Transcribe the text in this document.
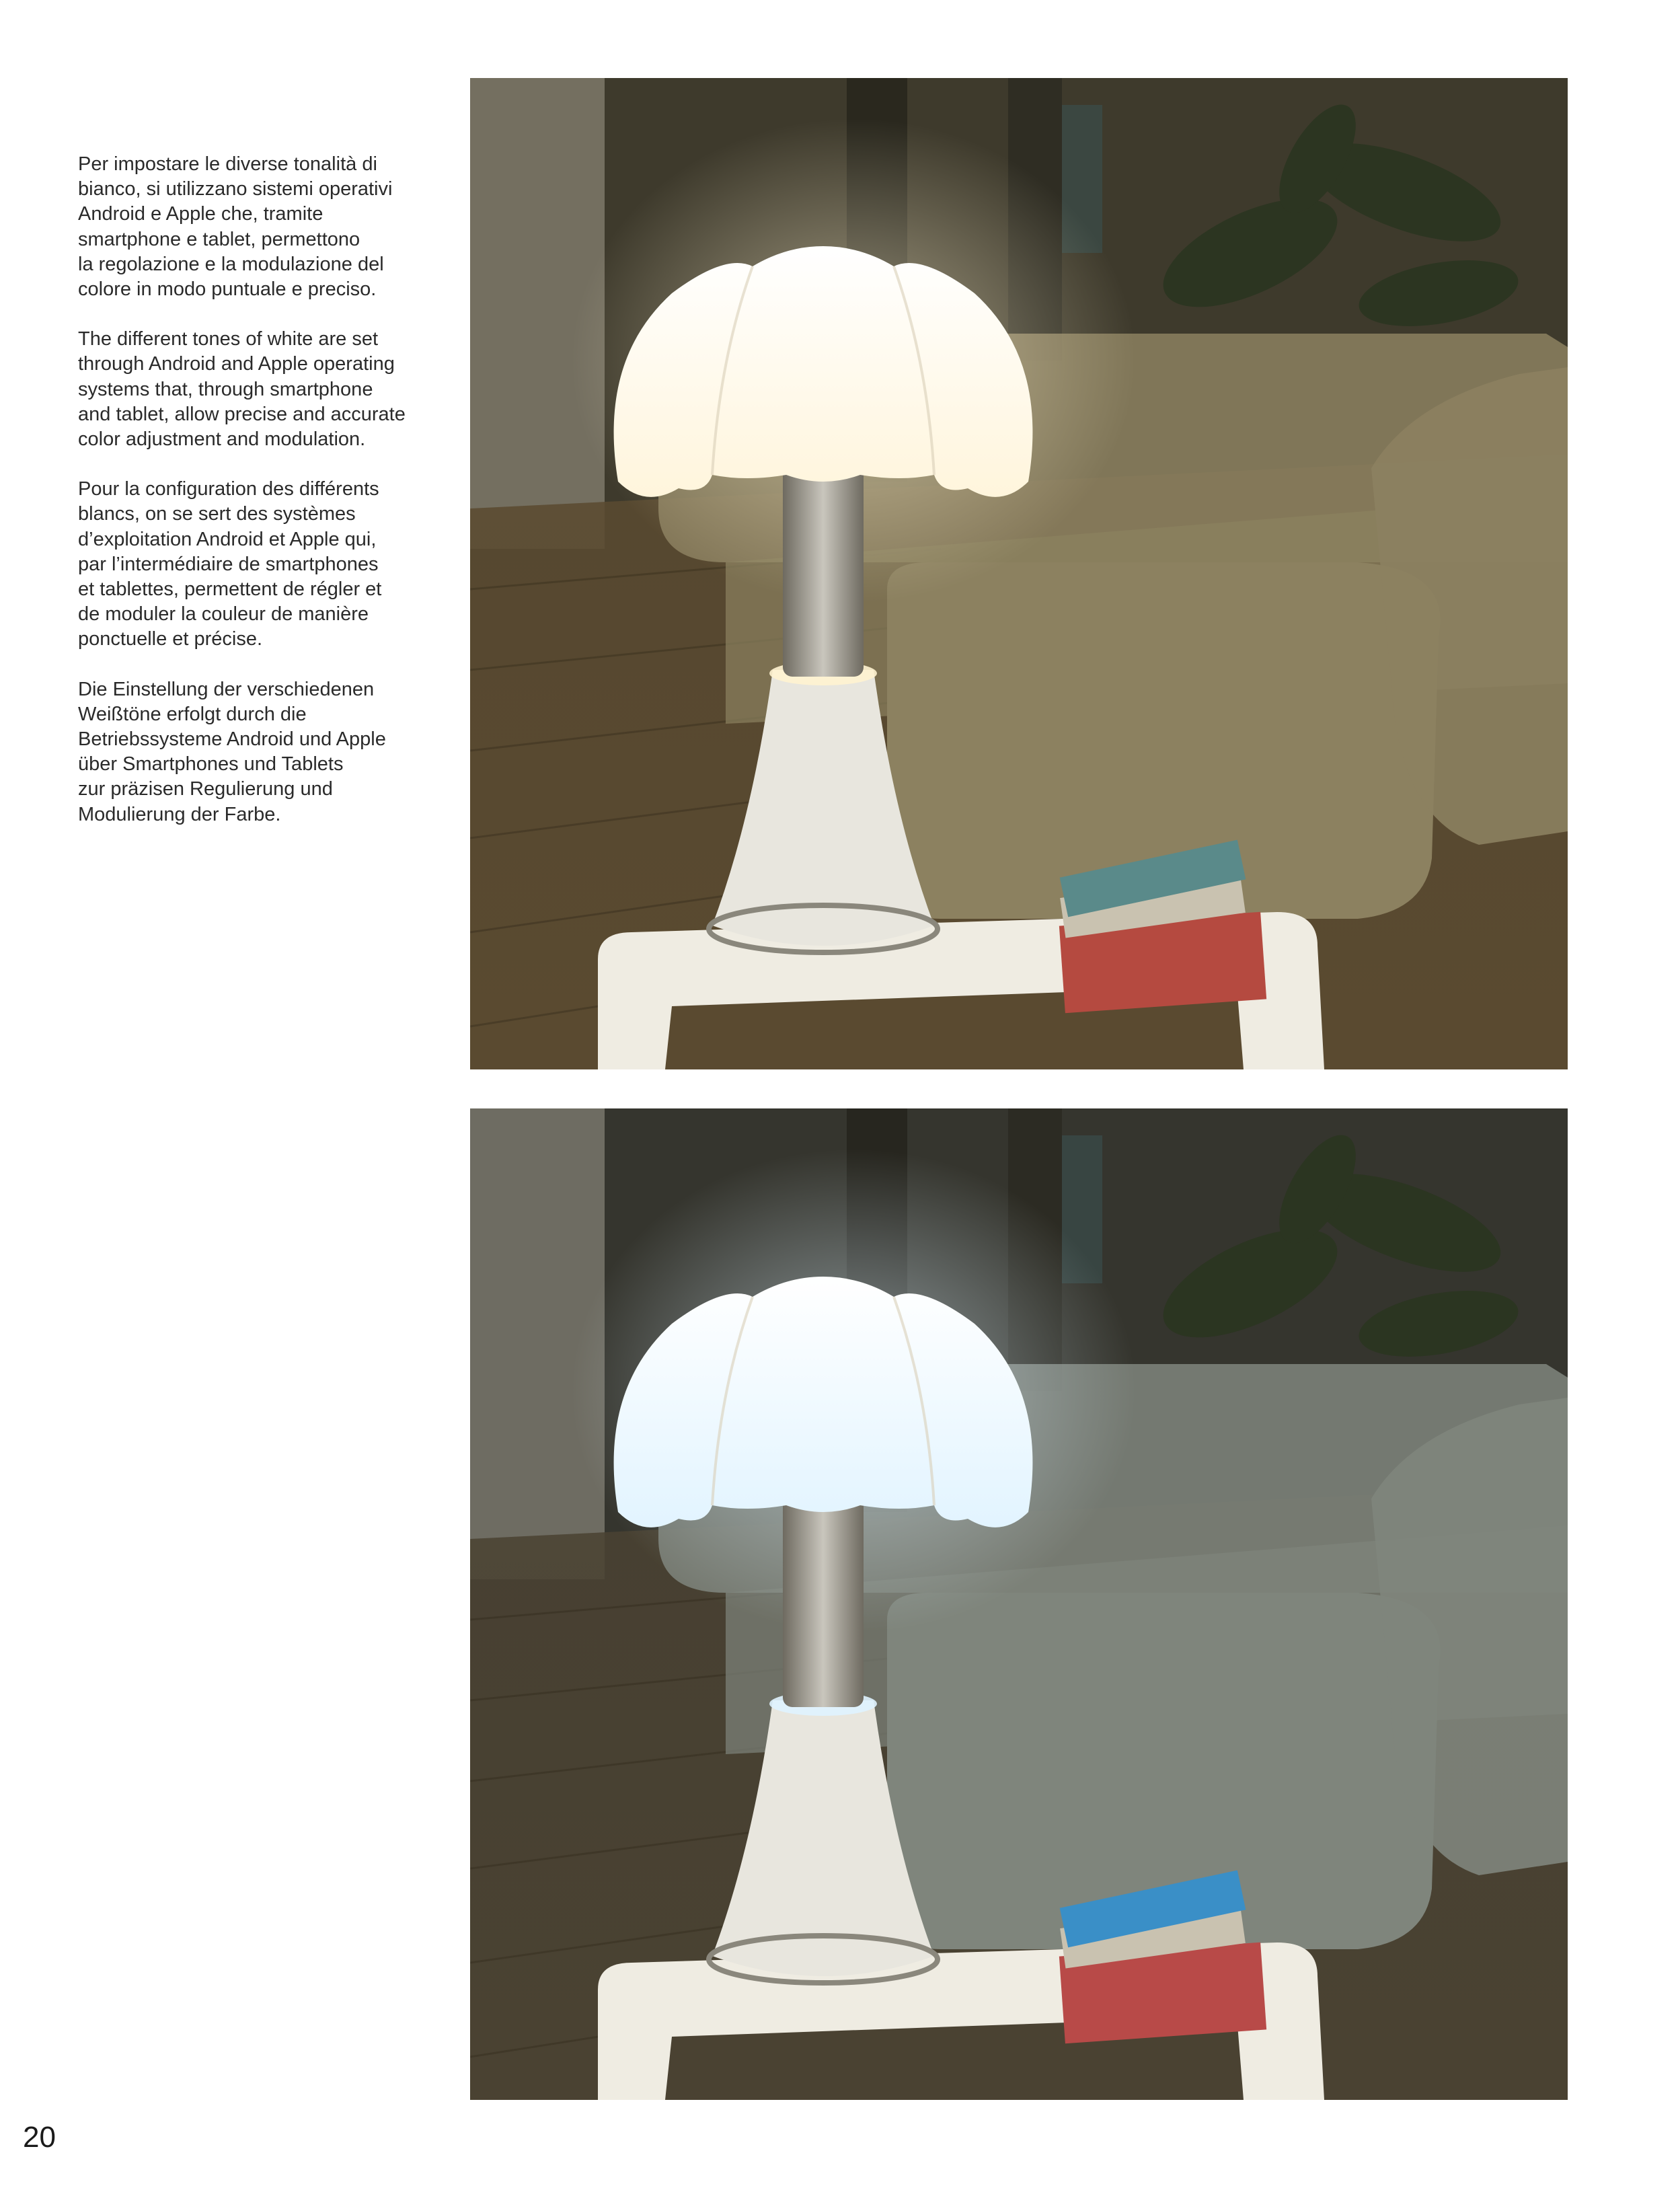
Per impostare le diverse tonalità di
bianco, si utilizzano sistemi operativi
Android e Apple che, tramite
smartphone e tablet, permettono
la regolazione e la modulazione del
colore in modo puntuale e preciso.

The different tones of white are set
through Android and Apple operating
systems that, through smartphone
and tablet, allow precise and accurate
color adjustment and modulation.

Pour la configuration des différents
blancs, on se sert des systèmes
d’exploitation Android et Apple qui,
par l’intermédiaire de smartphones
et tablettes, permettent de régler et
de moduler la couleur de manière
ponctuelle et précise.

Die Einstellung der verschiedenen
Weißtöne erfolgt durch die
Betriebssysteme Android und Apple
über Smartphones und Tablets
zur präzisen Regulierung und
Modulierung der Farbe.

20
